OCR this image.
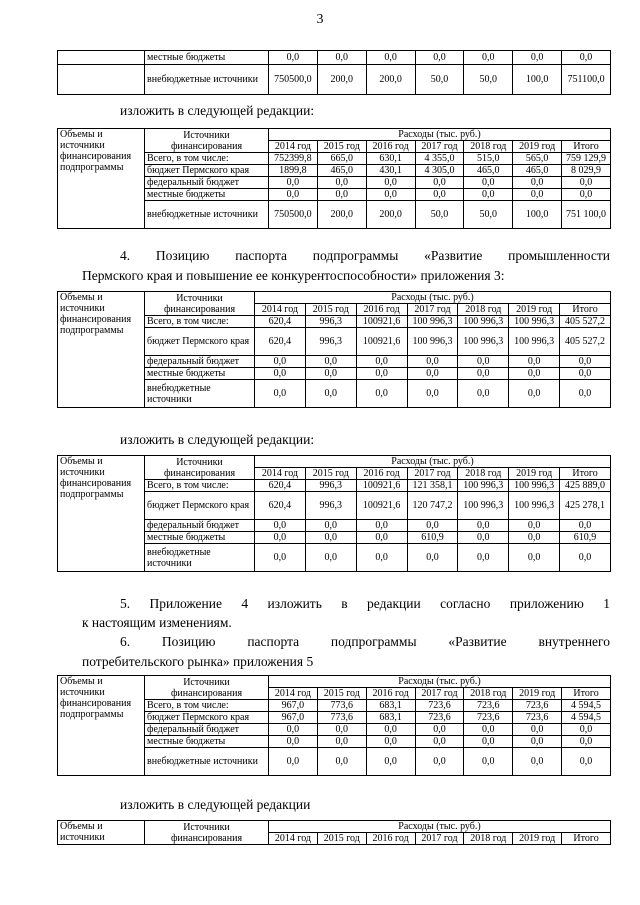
3
	местные бюджеты	0,0	0,0	0,0	0,0	0,0	0,0	0,0
	внебюджетные источники	750500,0	200,0	200,0	50,0	50,0	100,0	751100,0
изложить в следующей редакции:
Объемы и источники финансирования подпрограммы	Источники финансирования	Расходы (тыс. руб.)						
		2014 год	2015 год	2016 год	2017 год	2018 год	2019 год	Итого
	Всего, в том числе:	752399,8	665,0	630,1	4 355,0	515,0	565,0	759 129,9
	бюджет Пермского края	1899,8	465,0	430,1	4 305,0	465,0	465,0	8 029,9
	федеральный бюджет	0,0	0,0	0,0	0,0	0,0	0,0	0,0
	местные бюджеты	0,0	0,0	0,0	0,0	0,0	0,0	0,0
	внебюджетные источники	750500,0	200,0	200,0	50,0	50,0	100,0	751 100,0
4. Позицию паспорта подпрограммы «Развитие промышленности
Пермского края и повышение ее конкурентоспособности» приложения 3:
Объемы и источники финансирования подпрограммы	Источники финансирования	Расходы (тыс. руб.)						
		2014 год	2015 год	2016 год	2017 год	2018 год	2019 год	Итого
	Всего, в том числе:	620,4	996,3	100921,6	100 996,3	100 996,3	100 996,3	405 527,2
	бюджет Пермского края	620,4	996,3	100921,6	100 996,3	100 996,3	100 996,3	405 527,2
	федеральный бюджет	0,0	0,0	0,0	0,0	0,0	0,0	0,0
	местные бюджеты	0,0	0,0	0,0	0,0	0,0	0,0	0,0
	внебюджетные источники	0,0	0,0	0,0	0,0	0,0	0,0	0,0
изложить в следующей редакции:
Объемы и источники финансирования подпрограммы	Источники финансирования	Расходы (тыс. руб.)						
		2014 год	2015 год	2016 год	2017 год	2018 год	2019 год	Итого
	Всего, в том числе:	620,4	996,3	100921,6	121 358,1	100 996,3	100 996,3	425 889,0
	бюджет Пермского края	620,4	996,3	100921,6	120 747,2	100 996,3	100 996,3	425 278,1
	федеральный бюджет	0,0	0,0	0,0	0,0	0,0	0,0	0,0
	местные бюджеты	0,0	0,0	0,0	610,9	0,0	0,0	610,9
	внебюджетные источники	0,0	0,0	0,0	0,0	0,0	0,0	0,0
5. Приложение 4 изложить в редакции согласно приложению 1
к настоящим изменениям.
6. Позицию паспорта подпрограммы «Развитие внутреннего
потребительского рынка» приложения 5
Объемы и источники финансирования подпрограммы	Источники финансирования	Расходы (тыс. руб.)						
		2014 год	2015 год	2016 год	2017 год	2018 год	2019 год	Итого
	Всего, в том числе:	967,0	773,6	683,1	723,6	723,6	723,6	4 594,5
	бюджет Пермского края	967,0	773,6	683,1	723,6	723,6	723,6	4 594,5
	федеральный бюджет	0,0	0,0	0,0	0,0	0,0	0,0	0,0
	местные бюджеты	0,0	0,0	0,0	0,0	0,0	0,0	0,0
	внебюджетные источники	0,0	0,0	0,0	0,0	0,0	0,0	0,0
изложить в следующей редакции
Объемы и источники	Источники финансирования	Расходы (тыс. руб.)						
		2014 год	2015 год	2016 год	2017 год	2018 год	2019 год	Итого
